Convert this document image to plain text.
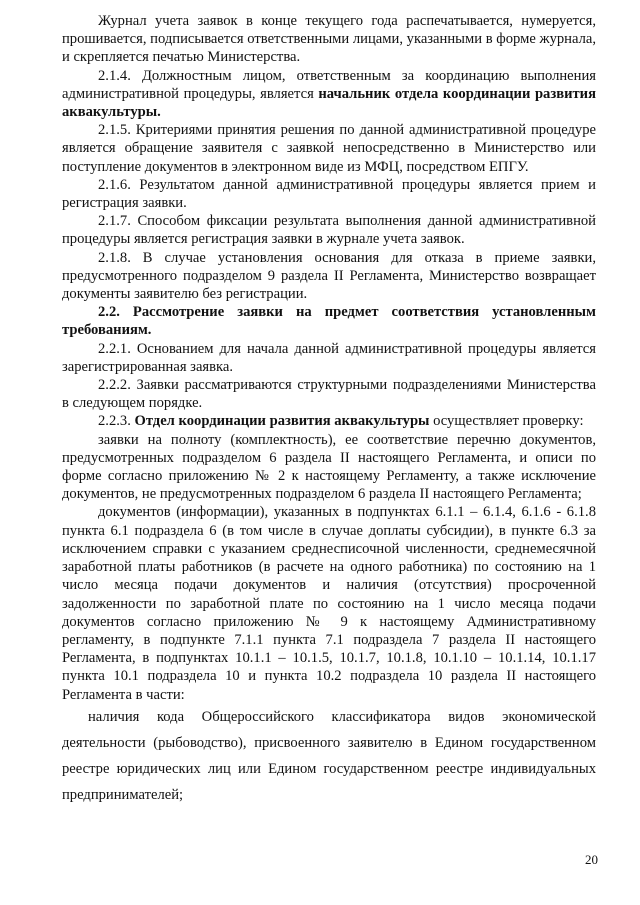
Журнал учета заявок в конце текущего года распечатывается, нумеруется, прошивается, подписывается ответственными лицами, указанными в форме журнала, и скрепляется печатью Министерства.

2.1.4. Должностным лицом, ответственным за координацию выполнения административной процедуры, является начальник отдела координации развития аквакультуры.

2.1.5. Критериями принятия решения по данной административной процедуре является обращение заявителя с заявкой непосредственно в Министерство или поступление документов в электронном виде из МФЦ, посредством ЕПГУ.

2.1.6. Результатом данной административной процедуры является прием и регистрация заявки.

2.1.7. Способом фиксации результата выполнения данной административной процедуры является регистрация заявки в журнале учета заявок.

2.1.8. В случае установления основания для отказа в приеме заявки, предусмотренного подразделом 9 раздела II Регламента, Министерство возвращает документы заявителю без регистрации.

2.2. Рассмотрение заявки на предмет соответствия установленным требованиям.

2.2.1. Основанием для начала данной административной процедуры является зарегистрированная заявка.

2.2.2. Заявки рассматриваются структурными подразделениями Министерства в следующем порядке.

2.2.3. Отдел координации развития аквакультуры осуществляет проверку:

заявки на полноту (комплектность), ее соответствие перечню документов, предусмотренных подразделом 6 раздела II настоящего Регламента, и описи по форме согласно приложению № 2 к настоящему Регламенту, а также исключение документов, не предусмотренных подразделом 6 раздела II настоящего Регламента;

документов (информации), указанных в подпунктах 6.1.1 – 6.1.4, 6.1.6 - 6.1.8 пункта 6.1 подраздела 6 (в том числе в случае доплаты субсидии), в пункте 6.3 за исключением справки с указанием среднесписочной численности, среднемесячной заработной платы работников (в расчете на одного работника) по состоянию на 1 число месяца подачи документов и наличия (отсутствия) просроченной задолженности по заработной плате по состоянию на 1 число месяца подачи документов согласно приложению № 9 к настоящему Административному регламенту, в подпункте 7.1.1 пункта 7.1 подраздела 7 раздела II настоящего Регламента, в подпунктах 10.1.1 – 10.1.5, 10.1.7, 10.1.8, 10.1.10 – 10.1.14, 10.1.17 пункта 10.1 подраздела 10 и пункта 10.2 подраздела 10 раздела II настоящего Регламента в части:

наличия кода Общероссийского классификатора видов экономической деятельности (рыбоводство), присвоенного заявителю в Едином государственном реестре юридических лиц или Едином государственном реестре индивидуальных предпринимателей;

20
